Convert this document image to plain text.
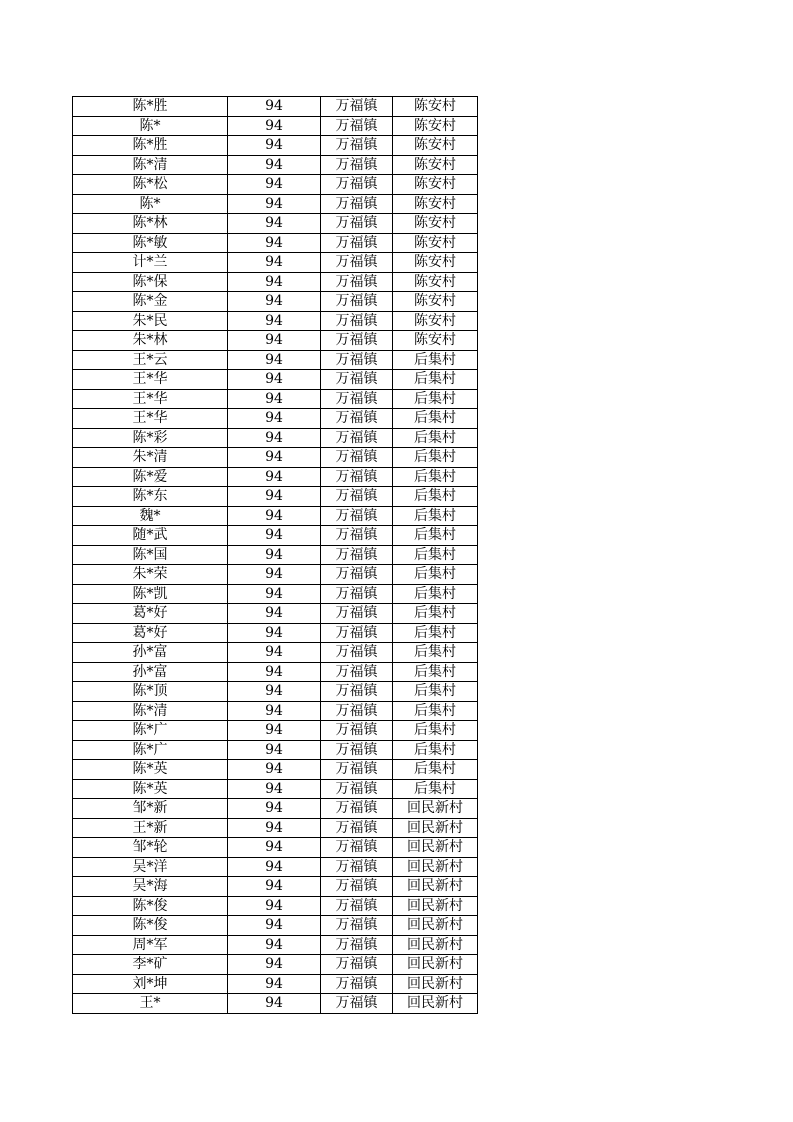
陈*胜	94	万福镇	陈安村
陈*	94	万福镇	陈安村
陈*胜	94	万福镇	陈安村
陈*清	94	万福镇	陈安村
陈*松	94	万福镇	陈安村
陈*	94	万福镇	陈安村
陈*林	94	万福镇	陈安村
陈*敏	94	万福镇	陈安村
计*兰	94	万福镇	陈安村
陈*保	94	万福镇	陈安村
陈*金	94	万福镇	陈安村
朱*民	94	万福镇	陈安村
朱*林	94	万福镇	陈安村
王*云	94	万福镇	后集村
王*华	94	万福镇	后集村
王*华	94	万福镇	后集村
王*华	94	万福镇	后集村
陈*彩	94	万福镇	后集村
朱*清	94	万福镇	后集村
陈*爱	94	万福镇	后集村
陈*东	94	万福镇	后集村
魏*	94	万福镇	后集村
随*武	94	万福镇	后集村
陈*国	94	万福镇	后集村
朱*荣	94	万福镇	后集村
陈*凯	94	万福镇	后集村
葛*好	94	万福镇	后集村
葛*好	94	万福镇	后集村
孙*富	94	万福镇	后集村
孙*富	94	万福镇	后集村
陈*顶	94	万福镇	后集村
陈*清	94	万福镇	后集村
陈*广	94	万福镇	后集村
陈*广	94	万福镇	后集村
陈*英	94	万福镇	后集村
陈*英	94	万福镇	后集村
邹*新	94	万福镇	回民新村
王*新	94	万福镇	回民新村
邹*轮	94	万福镇	回民新村
吴*洋	94	万福镇	回民新村
吴*海	94	万福镇	回民新村
陈*俊	94	万福镇	回民新村
陈*俊	94	万福镇	回民新村
周*军	94	万福镇	回民新村
李*矿	94	万福镇	回民新村
刘*坤	94	万福镇	回民新村
王*	94	万福镇	回民新村
